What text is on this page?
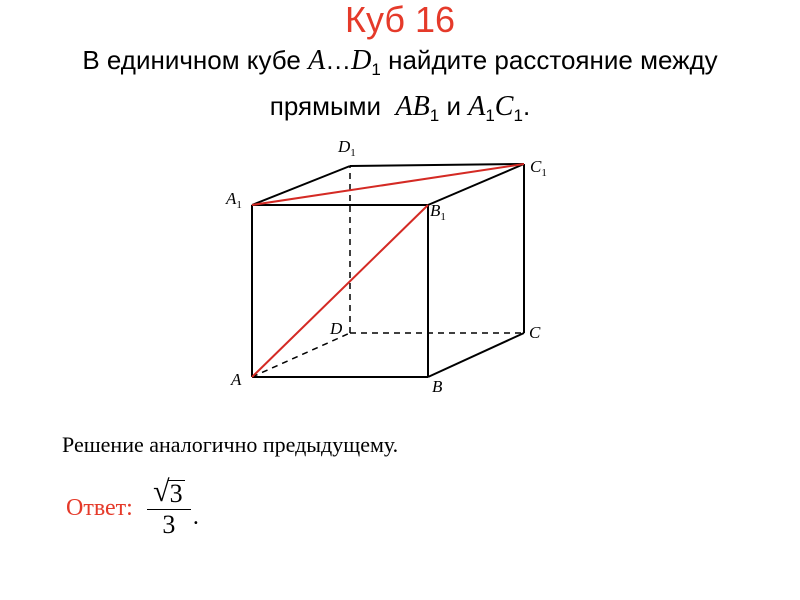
Куб 16
В единичном кубе $A\dots D_1$ найдите расстояние между
прямыми  $AB_1$ и $A_1C_1$.
A	B
C
D
$A_1$	$B_1$
$C_1$
$D_1$
Решение аналогично предыдущему.
Ответ: $\frac{√ 3}{3}$ .
